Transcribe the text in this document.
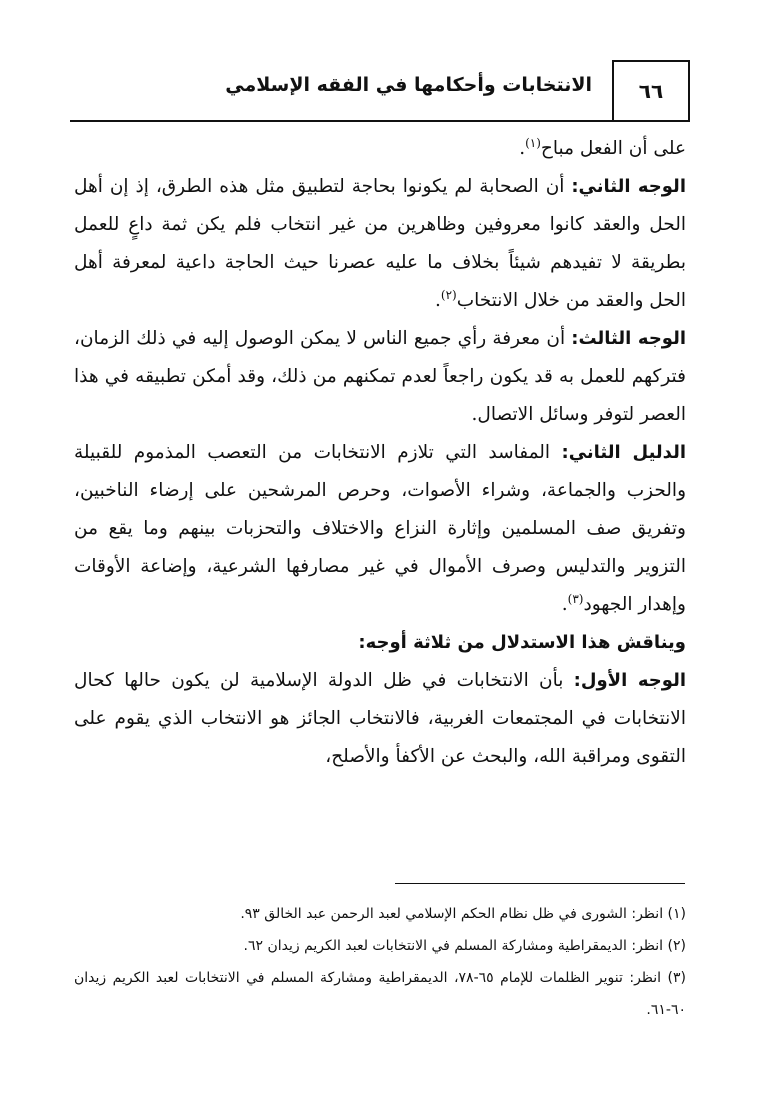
٦٦
الانتخابات وأحكامها في الفقه الإسلامي

على أن الفعل مباح$^{(١)}$.

الوجه الثاني: أن الصحابة لم يكونوا بحاجة لتطبيق مثل هذه الطرق، إذ إن أهل الحل والعقد كانوا معروفين وظاهرين من غير انتخاب فلم يكن ثمة داعٍ للعمل بطريقة لا تفيدهم شيئاً بخلاف ما عليه عصرنا حيث الحاجة داعية لمعرفة أهل الحل والعقد من خلال الانتخاب$^{(٢)}$.

الوجه الثالث: أن معرفة رأي جميع الناس لا يمكن الوصول إليه في ذلك الزمان، فتركهم للعمل به قد يكون راجعاً لعدم تمكنهم من ذلك، وقد أمكن تطبيقه في هذا العصر لتوفر وسائل الاتصال.

الدليل الثاني: المفاسد التي تلازم الانتخابات من التعصب المذموم للقبيلة والحزب والجماعة، وشراء الأصوات، وحرص المرشحين على إرضاء الناخبين، وتفريق صف المسلمين وإثارة النزاع والاختلاف والتحزبات بينهم وما يقع من التزوير والتدليس وصرف الأموال في غير مصارفها الشرعية، وإضاعة الأوقات وإهدار الجهود$^{(٣)}$.

ويناقش هذا الاستدلال من ثلاثة أوجه:

الوجه الأول: بأن الانتخابات في ظل الدولة الإسلامية لن يكون حالها كحال الانتخابات في المجتمعات الغربية، فالانتخاب الجائز هو الانتخاب الذي يقوم على التقوى ومراقبة الله، والبحث عن الأكفأ والأصلح،

(١) انظر: الشورى في ظل نظام الحكم الإسلامي لعبد الرحمن عبد الخالق ٩٣.

(٢) انظر: الديمقراطية ومشاركة المسلم في الانتخابات لعبد الكريم زيدان ٦٢.

(٣) انظر: تنوير الظلمات للإمام ٦٥-٧٨، الديمقراطية ومشاركة المسلم في الانتخابات لعبد الكريم زيدان ٦٠-٦١.
